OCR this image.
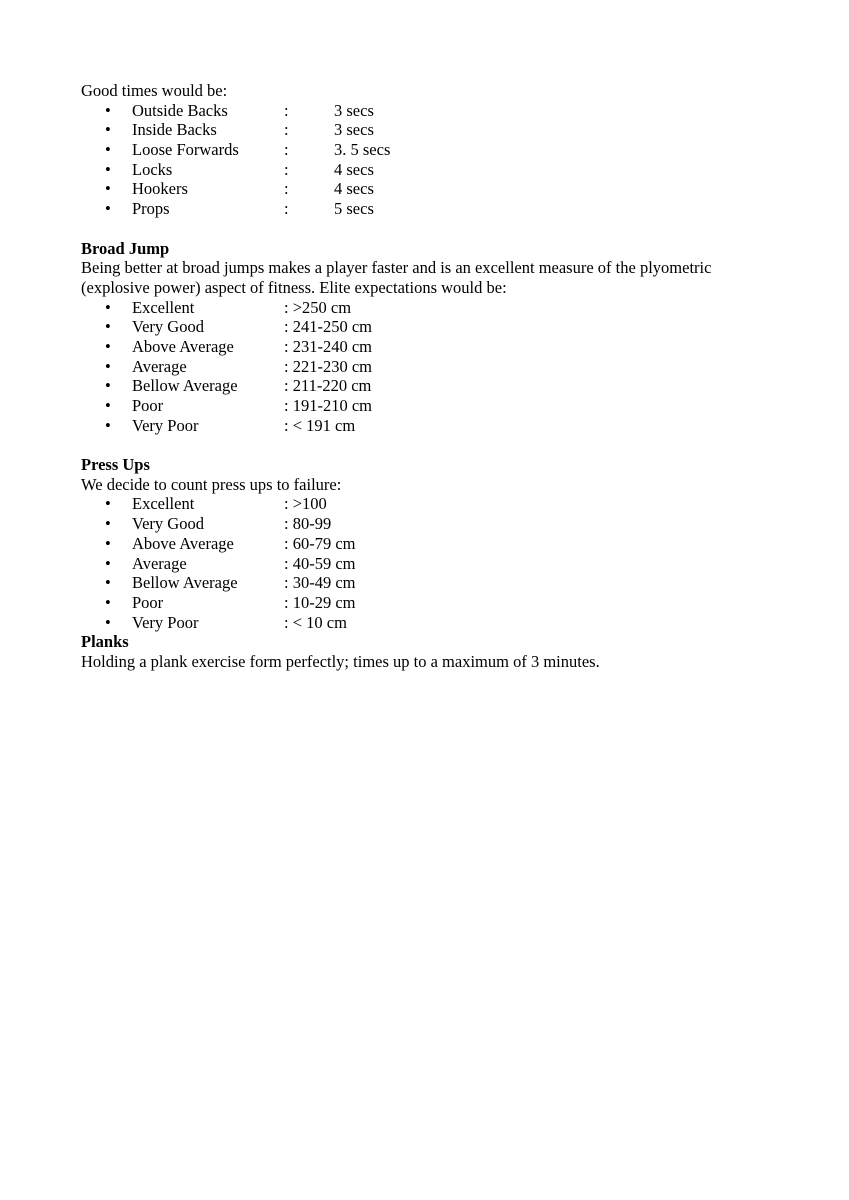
Good times would be:
• Outside Backs	:	3 secs
• Inside Backs	:	3 secs
• Loose Forwards	:	3. 5 secs
• Locks	:	4 secs
• Hookers	:	4 secs
• Props	:	5 secs
Broad Jump
Being better at broad jumps makes a player faster and is an excellent measure of the plyometric (explosive power) aspect of fitness. Elite expectations would be:
• Excellent	: >250 cm
• Very Good	: 241-250 cm
• Above Average	: 231-240 cm
• Average	: 221-230 cm
• Bellow Average	: 211-220 cm
• Poor	: 191-210 cm
• Very Poor	: < 191 cm
Press Ups
We decide to count press ups to failure:
• Excellent	: >100
• Very Good	: 80-99
• Above Average	: 60-79 cm
• Average	: 40-59 cm
• Bellow Average	: 30-49 cm
• Poor	: 10-29 cm
• Very Poor	: < 10 cm
Planks
Holding a plank exercise form perfectly; times up to a maximum of 3 minutes.
